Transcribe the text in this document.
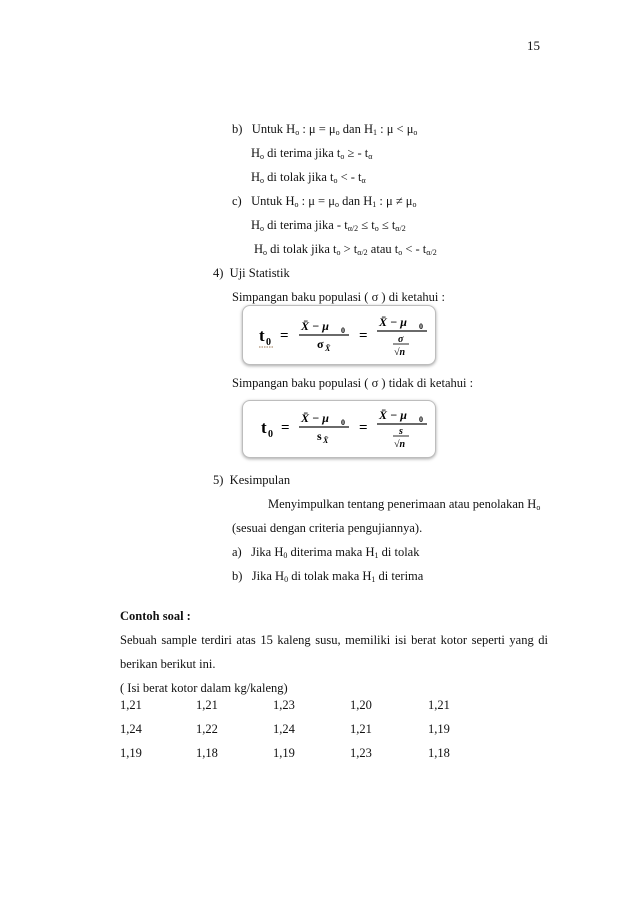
15
b) Untuk $H_o$ : $\mu = \mu_o$ dan $H_1$ : $\mu < \mu_o$
$H_o$ di terima jika $t_o$ ≥ - $t_\alpha$
$H_o$ di tolak jika $t_o$ < - $t_\alpha$
c) Untuk $H_o$ : $\mu = \mu_o$ dan $H_1$ : $\mu \ne \mu_o$
$H_o$ di terima jika - $t_{\alpha/2} \le t_o \le t_{\alpha/2}$
$H_o$ di tolak jika $t_o > t_{\alpha/2}$ atau $t_o$ < - $t_{\alpha/2}$
4) Uji Statistik
Simpangan baku populasi ( σ ) di ketahui :
t 0 =
X̄ − μ 0
σ X̄
=
X̄ − μ 0
σ
√n
Simpangan baku populasi ( σ ) tidak di ketahui :
t 0 =
X̄ − μ 0
s X̄
=
X̄ − μ 0
s
√n
5) Kesimpulan
Menyimpulkan tentang penerimaan atau penolakan $H_o$
(sesuai dengan criteria pengujiannya).
a) Jika $H_0$ diterima maka $H_1$ di tolak
b) Jika $H_0$ di tolak maka $H_1$ di terima
Contoh soal :
Sebuah sample terdiri atas 15 kaleng susu, memiliki isi berat kotor seperti yang di
berikan berikut ini.
( Isi berat kotor dalam kg/kaleng)
1,21	1,21	1,23	1,20	1,21
1,24	1,22	1,24	1,21	1,19
1,19	1,18	1,19	1,23	1,18
